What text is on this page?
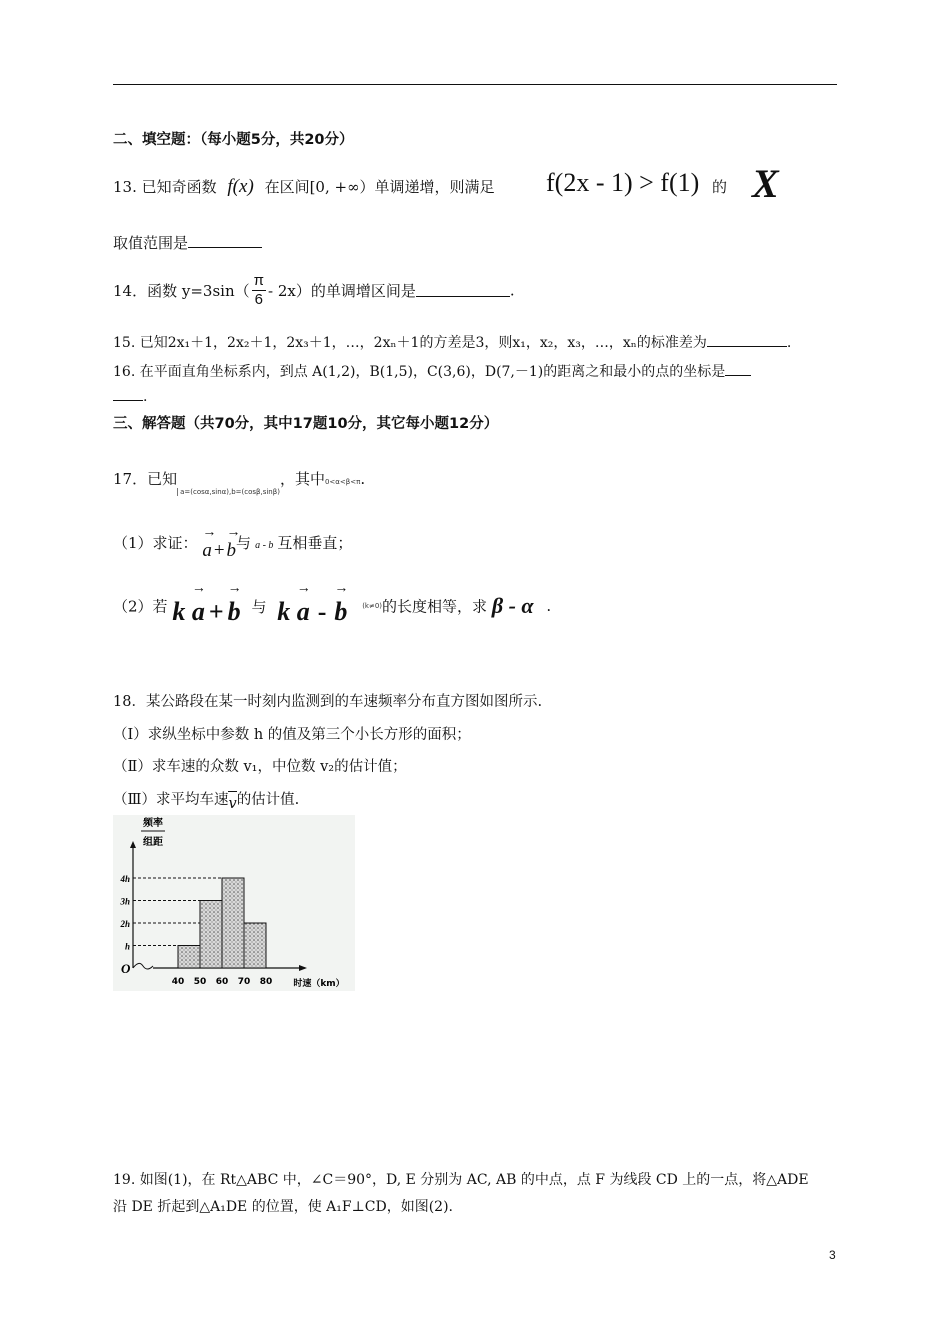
二、填空题：（每小题5分，共20分）
13. 已知奇函数 f(x) 在区间[0, +∞）单调递增，则满足 f(2x - 1) > f(1) 的 X
取值范围是
14．函数 $y=3\sin( \frac{\pi}{6} - 2x)$的单调增区间是	.
15. 已知2x₁＋1，2x₂＋1，2x₃＋1，…，2xₙ＋1的方差是3，则x₁，x₂，x₃，…，xₙ的标准差为	.
16. 在平面直角坐标系内，到点 A(1,2)，B(1,5)，C(3,6)，D(7,－1)的距离之和最小的点的坐标是
.
三、解答题（共70分，其中17题10分，其它每小题12分）
17．已知a=(cosα,sinα),b=(cosβ,sinβ)，其中0<α<β<π.
（1）求证：
→
a +
→
b与 a - b 互相垂直；
（2）若 k
→
a +
→
b 与 k
→
a -
→
b (k≠0)的长度相等，求 β - α .
18．某公路段在某一时刻内监测到的车速频率分布直方图如图所示.
（Ⅰ）求纵坐标中参数 h 的值及第三个小长方形的面积；
（Ⅱ）求车速的众数 v₁，中位数 v₂的估计值；
（Ⅲ）求平均车速v的估计值.
频率
组距
O
h
2h
3h
4h
40 50 60 70 80 时速（km）
19. 如图(1)，在 Rt△ABC 中，∠C＝90°，D, E 分别为 AC, AB 的中点，点 F 为线段 CD 上的一点，将△ADE
沿 DE 折起到△A₁DE 的位置，使 A₁F⊥CD，如图(2).
3
